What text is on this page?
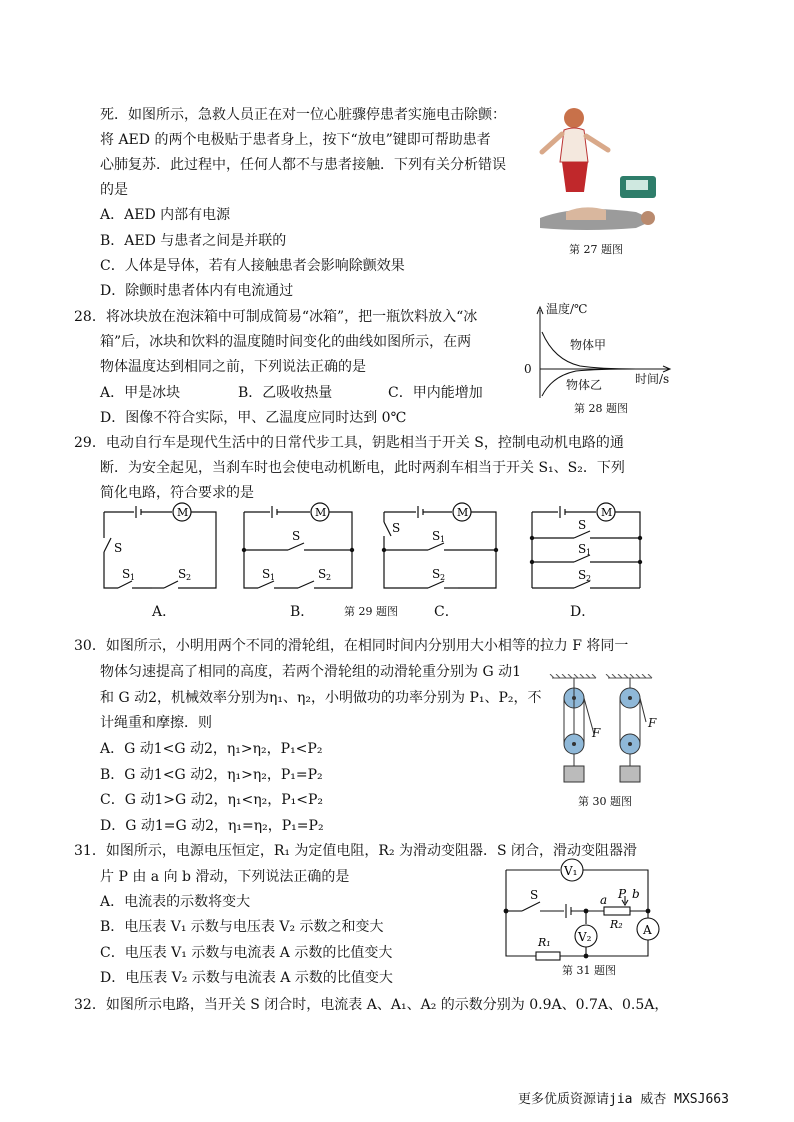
死．如图所示，急救人员正在对一位心脏骤停患者实施电击除颤：
将 AED 的两个电极贴于患者身上，按下“放电”键即可帮助患者
心肺复苏．此过程中，任何人都不与患者接触．下列有关分析错误
的是
A．AED 内部有电源
B．AED 与患者之间是并联的
C．人体是导体，若有人接触患者会影响除颤效果
D．除颤时患者体内有电流通过
第 27 题图
28．将冰块放在泡沫箱中可制成简易“冰箱”，把一瓶饮料放入“冰
箱”后，冰块和饮料的温度随时间变化的曲线如图所示，在两
物体温度达到相同之前，下列说法正确的是
A．甲是冰块	B．乙吸收热量	C．甲内能增加
D．图像不符合实际，甲、乙温度应同时达到 0℃
温度/℃
时间/s
0
物体甲
物体乙
第 28 题图
29．电动自行车是现代生活中的日常代步工具，钥匙相当于开关 S，控制电动机电路的通
断．为安全起见，当刹车时也会使电动机断电，此时两刹车相当于开关 S₁、S₂．下列
简化电路，符合要求的是
M
S
S 1	S 2
A．
M
S
S 1	S 2
B．	第 29 题图
M
S
S 1
S 2
C．
M
S
S 1
S 2
D．
30．如图所示，小明用两个不同的滑轮组，在相同时间内分别用大小相等的拉力 F 将同一
物体匀速提高了相同的高度，若两个滑轮组的动滑轮重分别为 G 动1
和 G 动2，机械效率分别为η₁、η₂，小明做功的功率分别为 P₁、P₂，不
计绳重和摩擦．则
A．G 动1<G 动2，η₁>η₂，P₁<P₂
B．G 动1<G 动2，η₁>η₂，P₁=P₂
C．G 动1>G 动2，η₁<η₂，P₁<P₂
D．G 动1=G 动2，η₁=η₂，P₁=P₂
F
F
第 30 题图
31．如图所示，电源电压恒定，R₁ 为定值电阻，R₂ 为滑动变阻器．S 闭合，滑动变阻器滑
片 P 由 a 向 b 滑动，下列说法正确的是
A．电流表的示数将变大
B．电压表 V₁ 示数与电压表 V₂ 示数之和变大
C．电压表 V₁ 示数与电流表 A 示数的比值变大
D．电压表 V₂ 示数与电流表 A 示数的比值变大
V₁
A
V₂
S	a P b
R₂
R₁
第 31 题图
32．如图所示电路，当开关 S 闭合时，电流表 A、A₁、A₂ 的示数分别为 0.9A、0.7A、0.5A，
更多优质资源请jia 威杏 MXSJ663
